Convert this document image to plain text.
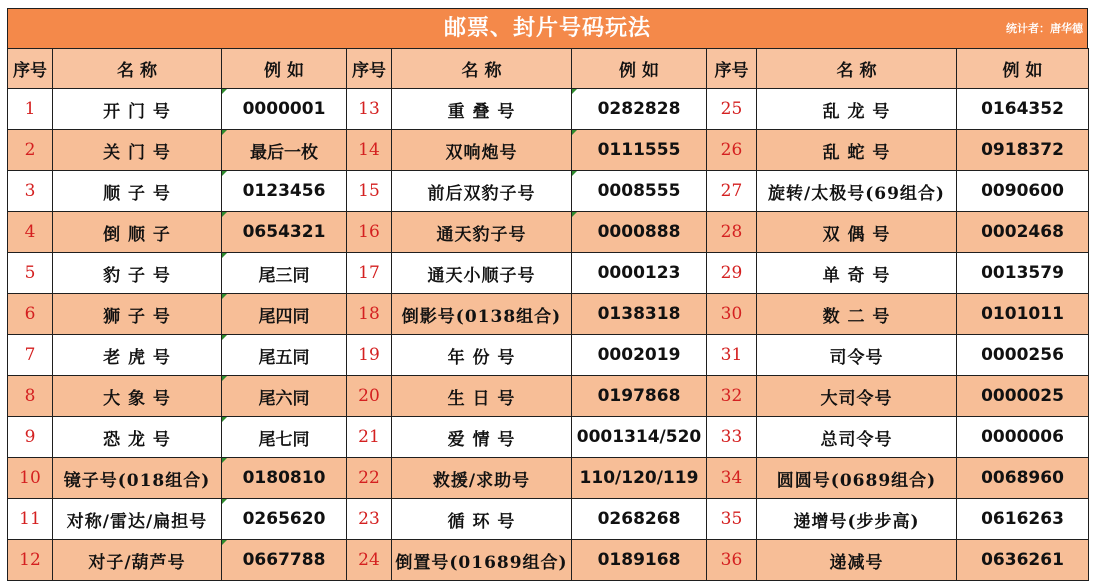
邮票、封片号码玩法	统计者：唐华德
序号	名 称	例 如	序号	名 称	例 如	序号	名 称	例 如
1	开 门 号	0000001	13	重 叠 号	0282828	25	乱 龙 号	0164352
2	关 门 号	最后一枚	14	双响炮号	0111555	26	乱 蛇 号	0918372
3	顺 子 号	0123456	15	前后双豹子号	0008555	27	旋转/太极号(69组合)	0090600
4	倒 顺 子	0654321	16	通天豹子号	0000888	28	双 偶 号	0002468
5	豹 子 号	尾三同	17	通天小顺子号	0000123	29	单 奇 号	0013579
6	狮 子 号	尾四同	18	倒影号(0138组合)	0138318	30	数 二 号	0101011
7	老 虎 号	尾五同	19	年 份 号	0002019	31	司令号	0000256
8	大 象 号	尾六同	20	生 日 号	0197868	32	大司令号	0000025
9	恐 龙 号	尾七同	21	爱 情 号	0001314/520	33	总司令号	0000006
10	镜子号(018组合)	0180810	22	救援/求助号	110/120/119	34	圆圆号(0689组合)	0068960
11	对称/雷达/扁担号	0265620	23	循 环 号	0268268	35	递增号(步步高)	0616263
12	对子/葫芦号	0667788	24	倒置号(01689组合)	0189168	36	递减号	0636261
